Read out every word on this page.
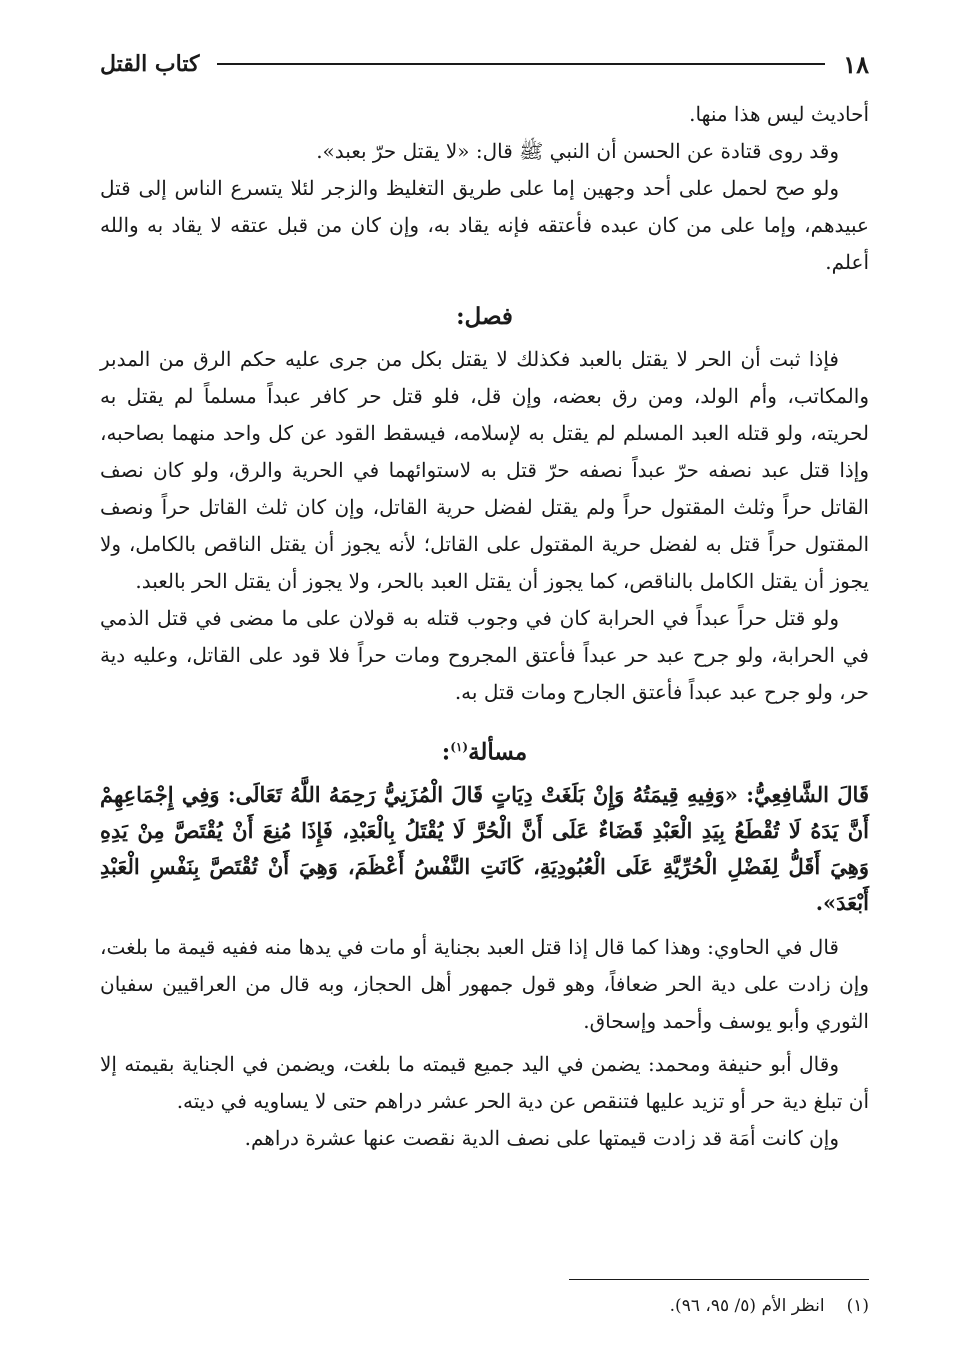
١٨
كتاب القتل

أحاديث ليس هذا منها.

وقد روى قتادة عن الحسن أن النبي ﷺ قال: «لا يقتل حرّ بعبد».

ولو صح لحمل على أحد وجهين إما على طريق التغليظ والزجر لئلا يتسرع الناس إلى قتل عبيدهم، وإما على من كان عبده فأعتقه فإنه يقاد به، وإن كان من قبل عتقه لا يقاد به والله أعلم.

فصل:

فإذا ثبت أن الحر لا يقتل بالعبد فكذلك لا يقتل بكل من جرى عليه حكم الرق من المدبر والمكاتب، وأم الولد، ومن رق بعضه، وإن قل، فلو قتل حر كافر عبداً مسلماً لم يقتل به لحريته، ولو قتله العبد المسلم لم يقتل به لإسلامه، فيسقط القود عن كل واحد منهما بصاحبه، وإذا قتل عبد نصفه حرّ عبداً نصفه حرّ قتل به لاستوائهما في الحرية والرق، ولو كان نصف القاتل حراً وثلث المقتول حراً ولم يقتل لفضل حرية القاتل، وإن كان ثلث القاتل حراً ونصف المقتول حراً قتل به لفضل حرية المقتول على القاتل؛ لأنه يجوز أن يقتل الناقص بالكامل، ولا يجوز أن يقتل الكامل بالناقص، كما يجوز أن يقتل العبد بالحر، ولا يجوز أن يقتل الحر بالعبد.

ولو قتل حراً عبداً في الحرابة كان في وجوب قتله به قولان على ما مضى في قتل الذمي في الحرابة، ولو جرح عبد حر عبداً فأعتق المجروح ومات حراً فلا قود على القاتل، وعليه دية حر، ولو جرح عبد عبداً فأعتق الجارح ومات قتل به.

مسألة$^{(١)}$:

قَالَ الشَّافِعِيُّ: «وَفِيهِ قِيمَتُهُ وَإِنْ بَلَغَتْ دِيَاتٍ قَالَ الْمُزَنِيُّ رَحِمَهُ اللَّهُ تَعَالَى: وَفِي إِجْمَاعِهِمْ أَنَّ يَدَهُ لَا تُقْطَعُ بِيَدِ الْعَبْدِ قَضَاءٌ عَلَى أَنَّ الْحُرَّ لَا يُقْتَلُ بِالْعَبْدِ، فَإِذَا مُنِعَ أَنْ يُقْتَصَّ مِنْ يَدِهِ وَهِيَ أَقَلُّ لِفَضْلِ الْحُرِّيَّةِ عَلَى الْعُبُودِيَةِ، كَانَتِ النَّفْسُ أَعْظَمَ، وَهِيَ أَنْ تُقْتَصَّ بِنَفْسِ الْعَبْدِ أَبْعَدَ».

قال في الحاوي: وهذا كما قال إذا قتل العبد بجناية أو مات في يدها منه ففيه قيمة ما بلغت، وإن زادت على دية الحر ضعافاً، وهو قول جمهور أهل الحجاز، وبه قال من العراقيين سفيان الثوري وأبو يوسف وأحمد وإسحاق.

وقال أبو حنيفة ومحمد: يضمن في اليد جميع قيمته ما بلغت، ويضمن في الجناية بقيمته إلا أن تبلغ دية حر أو تزيد عليها فتنقص عن دية الحر عشر دراهم حتى لا يساويه في ديته.

وإن كانت أمَة قد زادت قيمتها على نصف الدية نقصت عنها عشرة دراهم.

(١)
انظر الأم (٥/ ٩٥، ٩٦).
